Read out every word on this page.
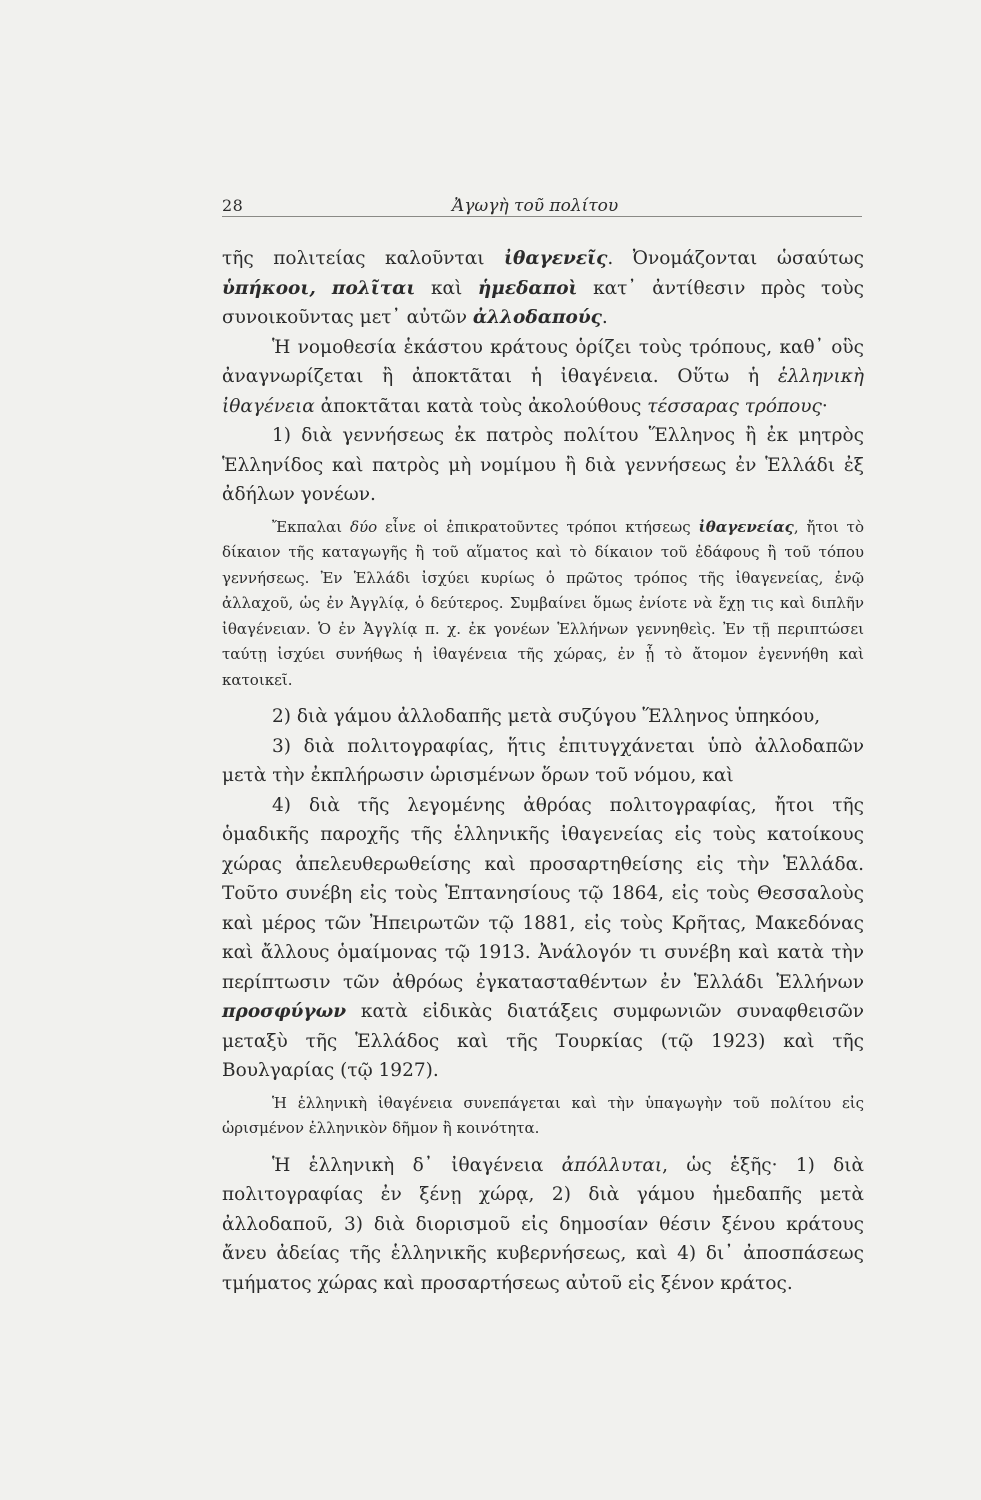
28	Ἀγωγὴ τοῦ πολίτου

τῆς πολιτείας καλοῦνται ἰθαγενεῖς. Ὀνομάζονται ὡσαύτως ὑπήκοοι, πολῖται καὶ ἡμεδαποὶ κατ᾽ ἀντίθεσιν πρὸς τοὺς συνοικοῦντας μετ᾽ αὐτῶν ἀλλοδαπούς.

Ἡ νομοθεσία ἑκάστου κράτους ὁρίζει τοὺς τρόπους, καθ᾽ οὓς ἀναγνωρίζεται ἢ ἀποκτᾶται ἡ ἰθαγένεια. Οὕτω ἡ ἑλληνικὴ ἰθαγένεια ἀποκτᾶται κατὰ τοὺς ἀκολούθους τέσσαρας τρόπους·

1) διὰ γεννήσεως ἐκ πατρὸς πολίτου Ἕλληνος ἢ ἐκ μητρὸς Ἑλληνίδος καὶ πατρὸς μὴ νομίμου ἢ διὰ γεννήσεως ἐν Ἑλλάδι ἐξ ἀδήλων γονέων.

Ἔκπαλαι δύο εἶνε οἱ ἐπικρατοῦντες τρόποι κτήσεως ἰθαγενείας, ἤτοι τὸ δίκαιον τῆς καταγωγῆς ἢ τοῦ αἵματος καὶ τὸ δίκαιον τοῦ ἐδάφους ἢ τοῦ τόπου γεννήσεως. Ἐν Ἑλλάδι ἰσχύει κυρίως ὁ πρῶτος τρόπος τῆς ἰθαγενείας, ἐνῷ ἀλλαχοῦ, ὡς ἐν Ἀγγλίᾳ, ὁ δεύτερος. Συμβαίνει ὅμως ἐνίοτε νὰ ἔχῃ τις καὶ διπλῆν ἰθαγένειαν. Ὁ ἐν Ἀγγλίᾳ π. χ. ἐκ γονέων Ἑλλήνων γεννηθεὶς. Ἐν τῇ περιπτώσει ταύτῃ ἰσχύει συνήθως ἡ ἰθαγένεια τῆς χώρας, ἐν ᾗ τὸ ἄτομον ἐγεννήθη καὶ κατοικεῖ.

2) διὰ γάμου ἀλλοδαπῆς μετὰ συζύγου Ἕλληνος ὑπηκόου,

3) διὰ πολιτογραφίας, ἥτις ἐπιτυγχάνεται ὑπὸ ἀλλοδαπῶν μετὰ τὴν ἐκπλήρωσιν ὡρισμένων ὅρων τοῦ νόμου, καὶ

4) διὰ τῆς λεγομένης ἀθρόας πολιτογραφίας, ἤτοι τῆς ὁμαδικῆς παροχῆς τῆς ἑλληνικῆς ἰθαγενείας εἰς τοὺς κατοίκους χώρας ἀπελευθερωθείσης καὶ προσαρτηθείσης εἰς τὴν Ἑλλάδα. Τοῦτο συνέβη εἰς τοὺς Ἑπτανησίους τῷ 1864, εἰς τοὺς Θεσσαλοὺς καὶ μέρος τῶν Ἠπειρωτῶν τῷ 1881, εἰς τοὺς Κρῆτας, Μακεδόνας καὶ ἄλλους ὁμαίμονας τῷ 1913. Ἀνάλογόν τι συνέβη καὶ κατὰ τὴν περίπτωσιν τῶν ἀθρόως ἐγκατασταθέντων ἐν Ἑλλάδι Ἑλλήνων προσφύγων κατὰ εἰδικὰς διατάξεις συμφωνιῶν συναφθεισῶν μεταξὺ τῆς Ἑλλάδος καὶ τῆς Τουρκίας (τῷ 1923) καὶ τῆς Βουλγαρίας (τῷ 1927).

Ἡ ἑλληνικὴ ἰθαγένεια συνεπάγεται καὶ τὴν ὑπαγωγὴν τοῦ πολίτου εἰς ὡρισμένον ἑλληνικὸν δῆμον ἢ κοινότητα.

Ἡ ἑλληνικὴ δ᾽ ἰθαγένεια ἀπόλλυται, ὡς ἑξῆς· 1) διὰ πολιτογραφίας ἐν ξένῃ χώρᾳ, 2) διὰ γάμου ἡμεδαπῆς μετὰ ἀλλοδαποῦ, 3) διὰ διορισμοῦ εἰς δημοσίαν θέσιν ξένου κράτους ἄνευ ἀδείας τῆς ἑλληνικῆς κυβερνήσεως, καὶ 4) δι᾽ ἀποσπάσεως τμήματος χώρας καὶ προσαρτήσεως αὐτοῦ εἰς ξένον κράτος.
